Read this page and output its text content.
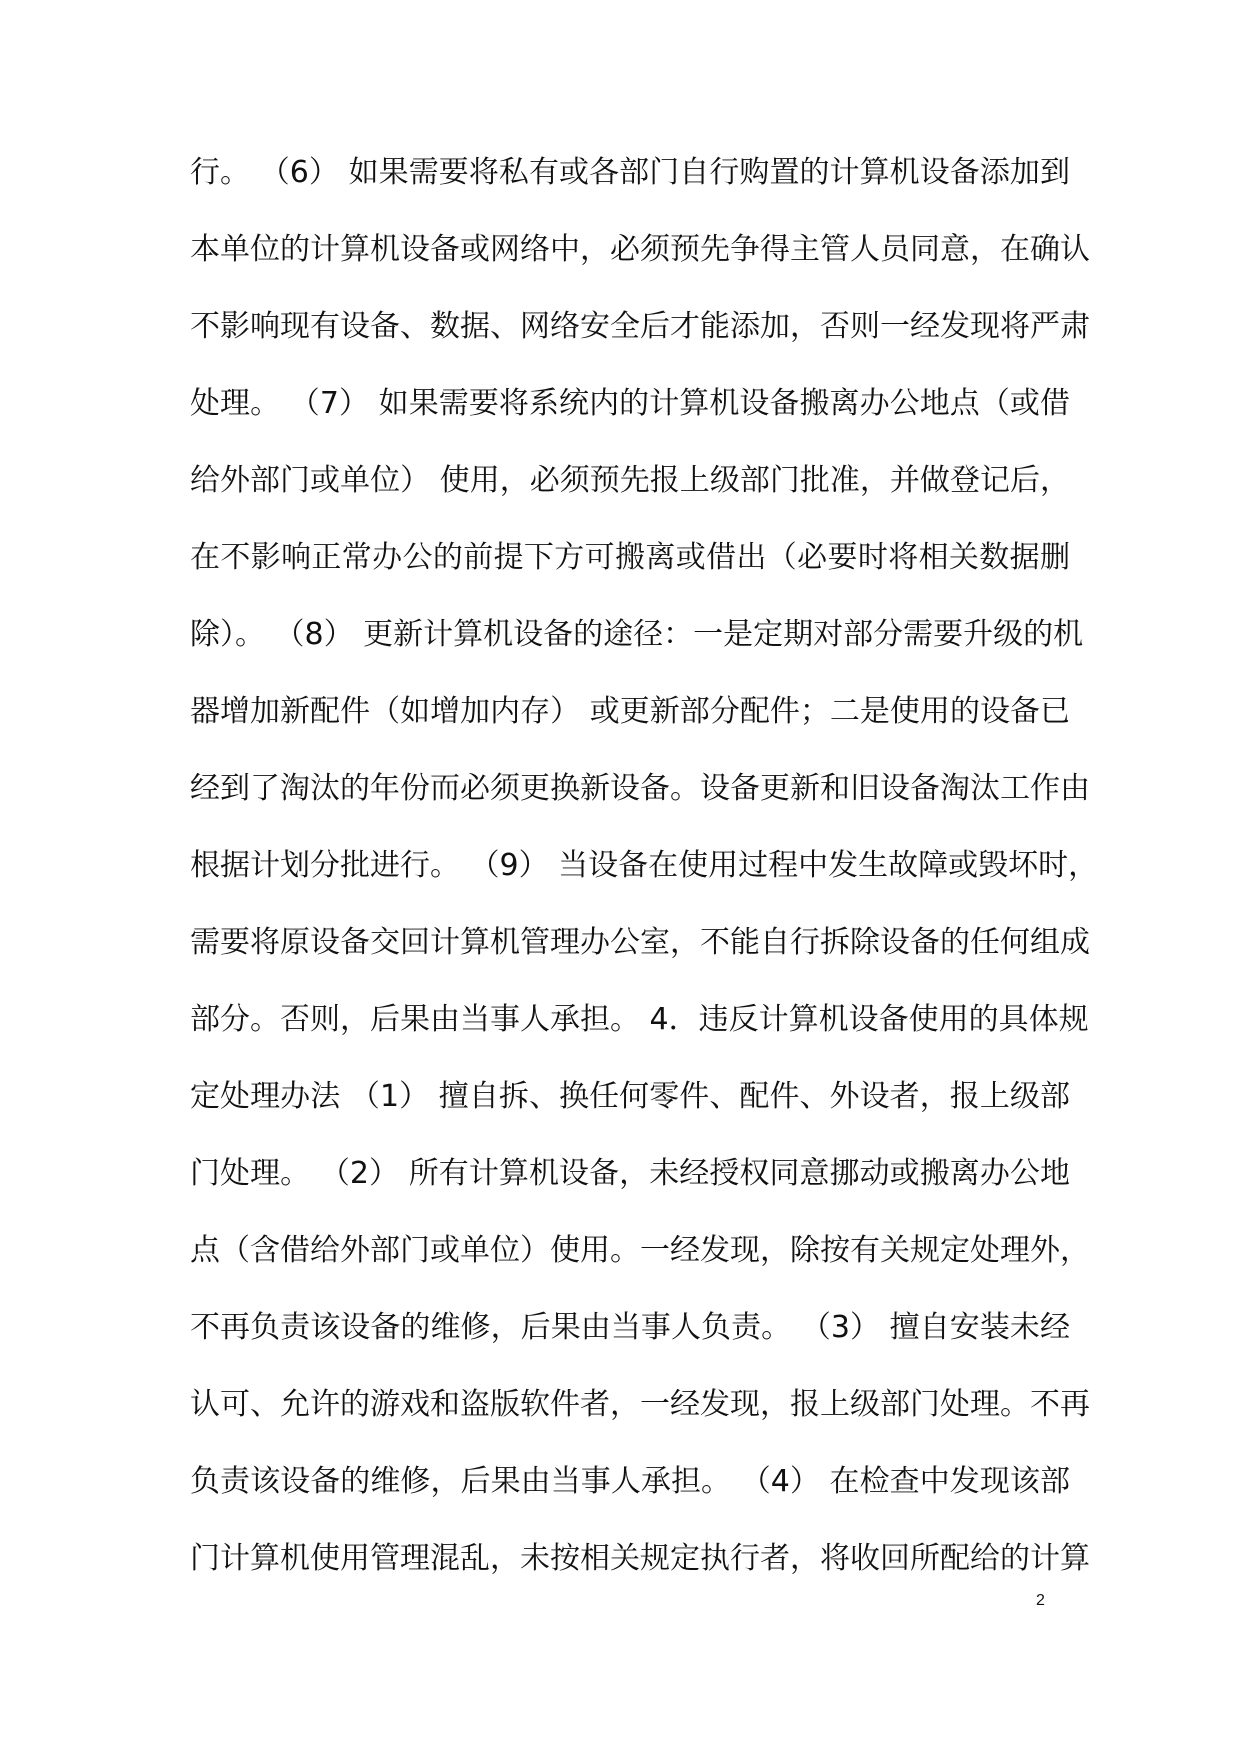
行。 （6） 如果需要将私有或各部门自行购置的计算机设备添加到
本单位的计算机设备或网络中，必须预先争得主管人员同意，在确认
不影响现有设备、数据、网络安全后才能添加，否则一经发现将严肃
处理。 （7） 如果需要将系统内的计算机设备搬离办公地点（或借
给外部门或单位） 使用，必须预先报上级部门批准，并做登记后，
在不影响正常办公的前提下方可搬离或借出（必要时将相关数据删
除）。 （8） 更新计算机设备的途径：一是定期对部分需要升级的机
器增加新配件（如增加内存） 或更新部分配件；二是使用的设备已
经到了淘汰的年份而必须更换新设备。设备更新和旧设备淘汰工作由
根据计划分批进行。 （9） 当设备在使用过程中发生故障或毁坏时，
需要将原设备交回计算机管理办公室，不能自行拆除设备的任何组成
部分。否则，后果由当事人承担。 4．违反计算机设备使用的具体规
定处理办法 （1） 擅自拆、换任何零件、配件、外设者，报上级部
门处理。 （2） 所有计算机设备，未经授权同意挪动或搬离办公地
点（含借给外部门或单位）使用。一经发现，除按有关规定处理外，
不再负责该设备的维修，后果由当事人负责。 （3） 擅自安装未经
认可、允许的游戏和盗版软件者，一经发现，报上级部门处理。不再
负责该设备的维修，后果由当事人承担。 （4） 在检查中发现该部
门计算机使用管理混乱，未按相关规定执行者，将收回所配给的计算
2
